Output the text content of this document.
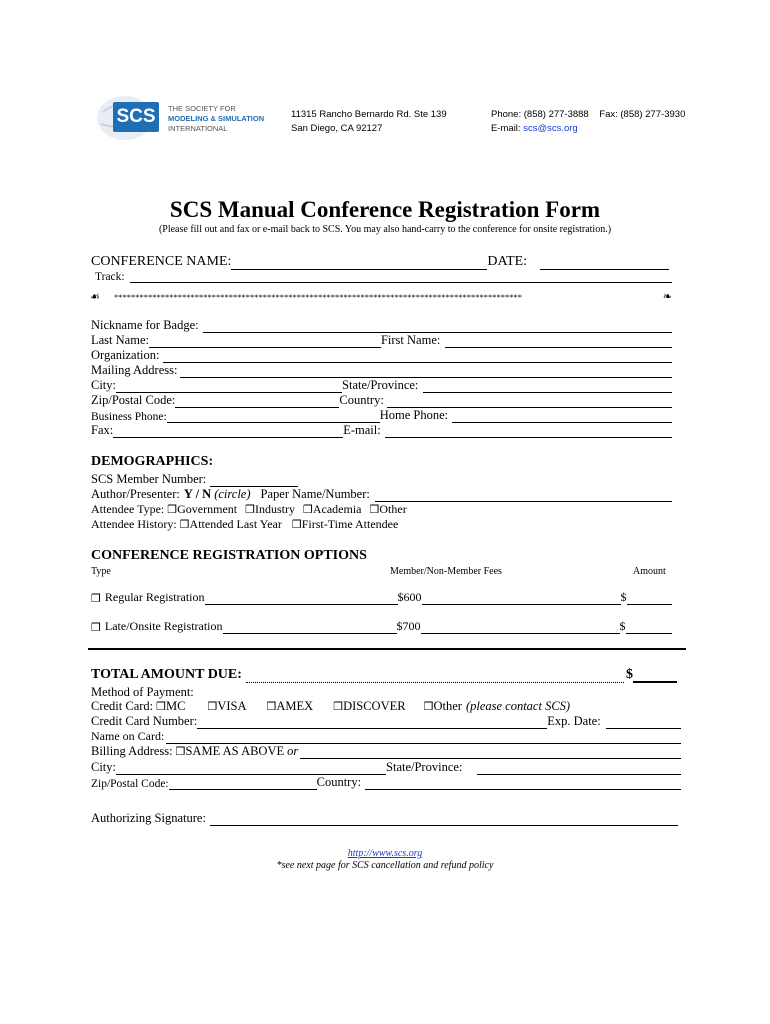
SCS	THE SOCIETY FOR
MODELING & SIMULATION
INTERNATIONAL
11315 Rancho Bernardo Rd. Ste 139
San Diego, CA 92127
Phone: (858) 277-3888 Fax: (858) 277-3930
E-mail: scs@scs.org
SCS Manual Conference Registration Form
(Please fill out and fax or e-mail back to SCS. You may also hand-carry to the conference for onsite registration.)
CONFERENCE NAME:	DATE:
Track:
☙ ************************************************************************************************	❧
Nickname for Badge:
Last Name:	First Name:
Organization:
Mailing Address:
City:	State/Province:
Zip/Postal Code:	Country:
Business Phone:	Home Phone:
Fax:	E-mail:
DEMOGRAPHICS:
SCS Member Number:
Author/Presenter: Y / N (circle) Paper Name/Number:
Attendee Type: ❒Government ❒Industry ❒Academia ❒Other
Attendee History: ❒Attended Last Year ❒First-Time Attendee
CONFERENCE REGISTRATION OPTIONS
Type	Member/Non-Member Fees	Amount
❒ Regular Registration	$600	$
❒ Late/Onsite Registration	$700	$
TOTAL AMOUNT DUE:	$
Method of Payment:
Credit Card: ❒MC ❒VISA ❒AMEX ❒DISCOVER ❒Other (please contact SCS)
Credit Card Number:	Exp. Date:
Name on Card:
Billing Address: ❒SAME AS ABOVE or
City:	State/Province:
Zip/Postal Code:	Country:
Authorizing Signature:
http://www.scs.org
*see next page for SCS cancellation and refund policy
